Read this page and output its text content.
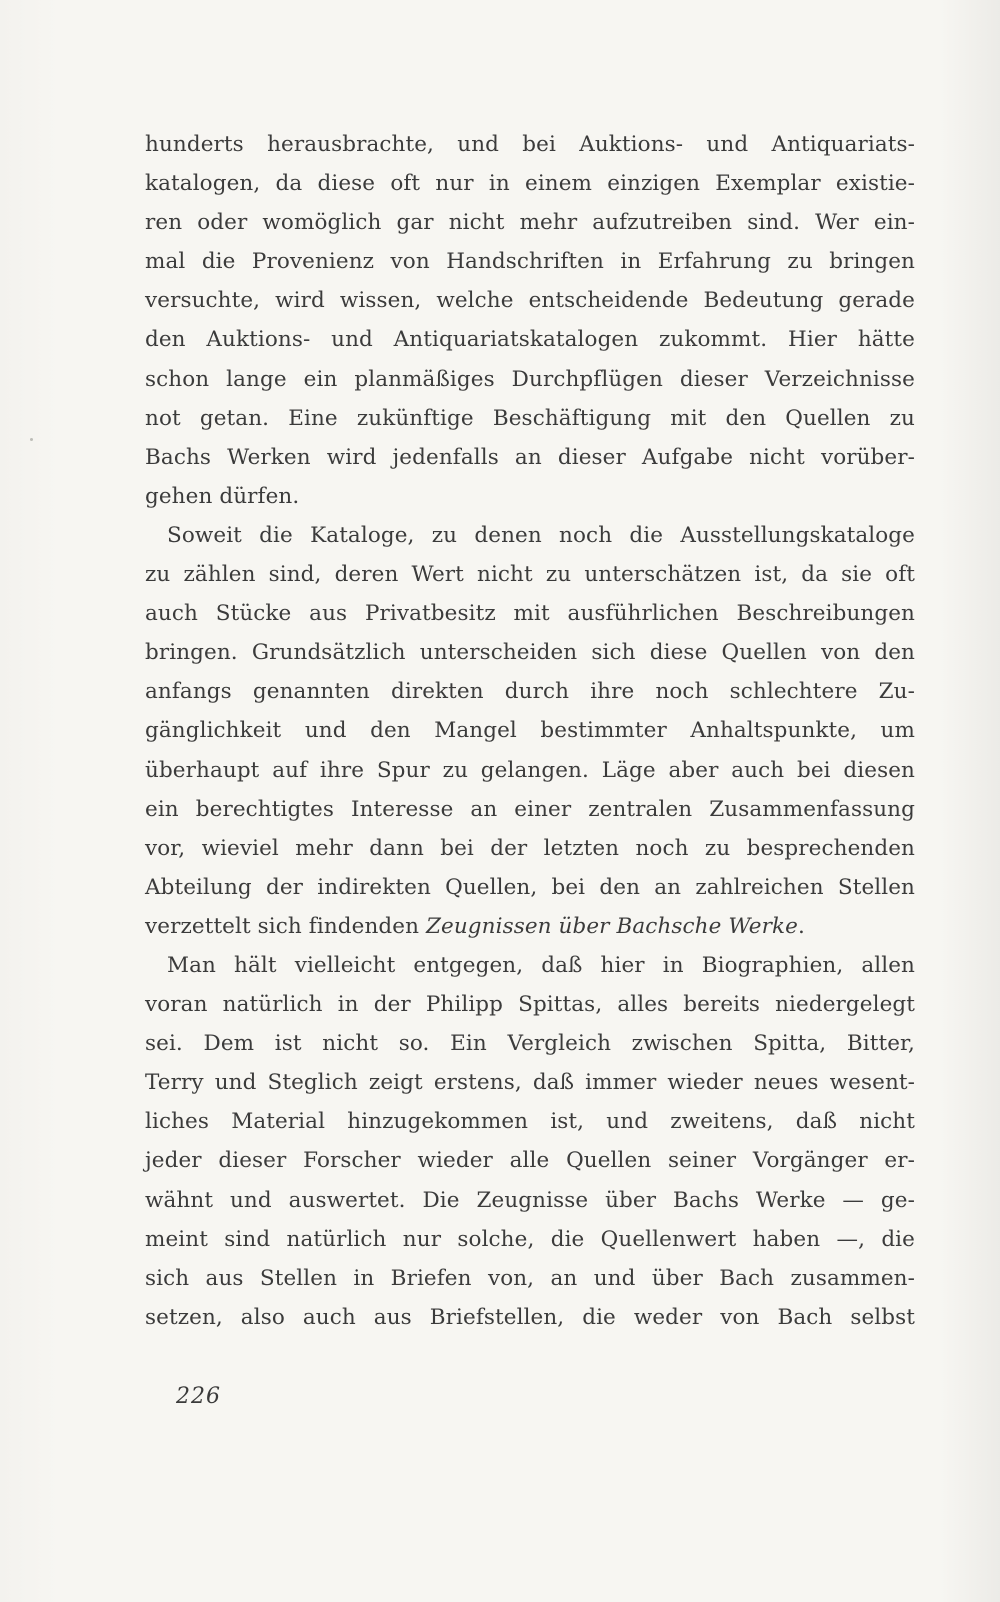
hunderts herausbrachte, und bei Auktions- und Antiquariats-
katalogen, da diese oft nur in einem einzigen Exemplar existie-
ren oder womöglich gar nicht mehr aufzutreiben sind. Wer ein-
mal die Provenienz von Handschriften in Erfahrung zu bringen
versuchte, wird wissen, welche entscheidende Bedeutung gerade
den Auktions- und Antiquariatskatalogen zukommt. Hier hätte
schon lange ein planmäßiges Durchpflügen dieser Verzeichnisse
not getan. Eine zukünftige Beschäftigung mit den Quellen zu
Bachs Werken wird jedenfalls an dieser Aufgabe nicht vorüber-
gehen dürfen.
Soweit die Kataloge, zu denen noch die Ausstellungskataloge
zu zählen sind, deren Wert nicht zu unterschätzen ist, da sie oft
auch Stücke aus Privatbesitz mit ausführlichen Beschreibungen
bringen. Grundsätzlich unterscheiden sich diese Quellen von den
anfangs genannten direkten durch ihre noch schlechtere Zu-
gänglichkeit und den Mangel bestimmter Anhaltspunkte, um
überhaupt auf ihre Spur zu gelangen. Läge aber auch bei diesen
ein berechtigtes Interesse an einer zentralen Zusammenfassung
vor, wieviel mehr dann bei der letzten noch zu besprechenden
Abteilung der indirekten Quellen, bei den an zahlreichen Stellen
verzettelt sich findenden Zeugnissen über Bachsche Werke.
Man hält vielleicht entgegen, daß hier in Biographien, allen
voran natürlich in der Philipp Spittas, alles bereits niedergelegt
sei. Dem ist nicht so. Ein Vergleich zwischen Spitta, Bitter,
Terry und Steglich zeigt erstens, daß immer wieder neues wesent-
liches Material hinzugekommen ist, und zweitens, daß nicht
jeder dieser Forscher wieder alle Quellen seiner Vorgänger er-
wähnt und auswertet. Die Zeugnisse über Bachs Werke — ge-
meint sind natürlich nur solche, die Quellenwert haben —, die
sich aus Stellen in Briefen von, an und über Bach zusammen-
setzen, also auch aus Briefstellen, die weder von Bach selbst
226
